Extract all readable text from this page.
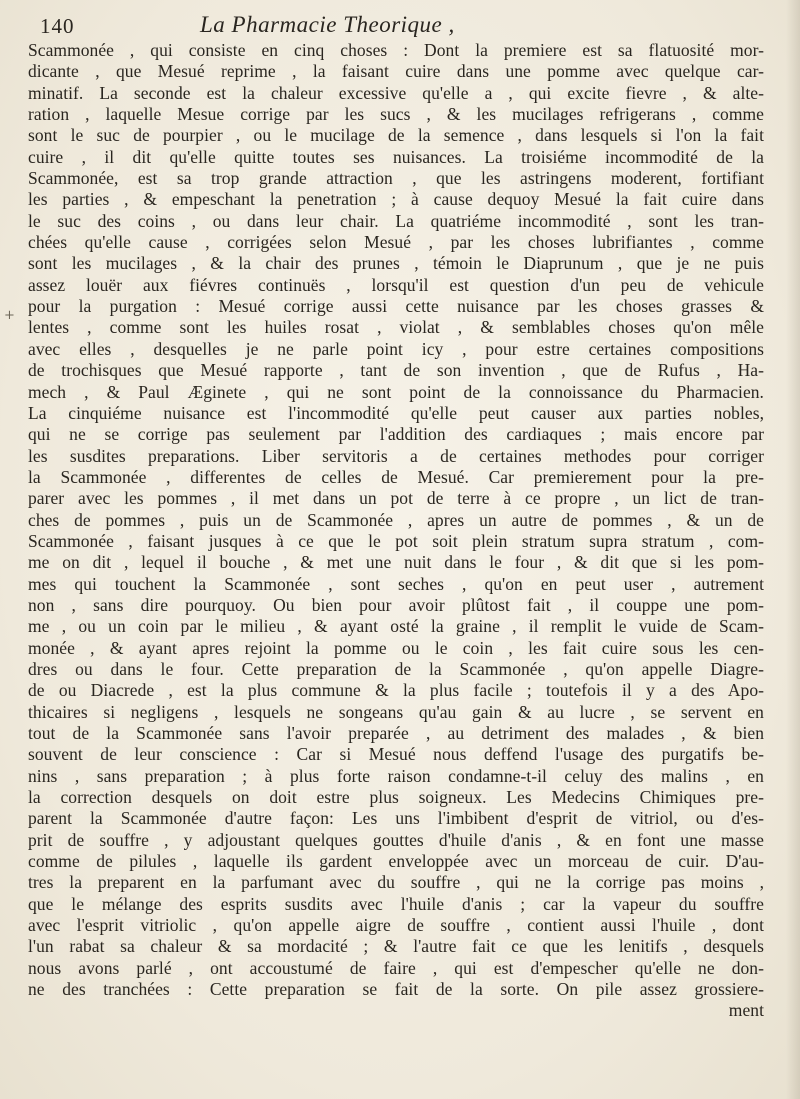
140	La Pharmacie Theorique ,
+
Scammonée , qui consiste en cinq choses : Dont la premiere est sa flatuosité mor-
dicante , que Mesué reprime , la faisant cuire dans une pomme avec quelque car-
minatif. La seconde est la chaleur excessive qu'elle a , qui excite fievre , & alte-
ration , laquelle Mesue corrige par les sucs , & les mucilages refrigerans , comme
sont le suc de pourpier , ou le mucilage de la semence , dans lesquels si l'on la fait
cuire , il dit qu'elle quitte toutes ses nuisances. La troisiéme incommodité de la
Scammonée, est sa trop grande attraction , que les astringens moderent, fortifiant
les parties , & empeschant la penetration ; à cause dequoy Mesué la fait cuire dans
le suc des coins , ou dans leur chair. La quatriéme incommodité , sont les tran-
chées qu'elle cause , corrigées selon Mesué , par les choses lubrifiantes , comme
sont les mucilages , & la chair des prunes , témoin le Diaprunum , que je ne puis
assez louër aux fiévres continuës , lorsqu'il est question d'un peu de vehicule
pour la purgation : Mesué corrige aussi cette nuisance par les choses grasses &
lentes , comme sont les huiles rosat , violat , & semblables choses qu'on mêle
avec elles , desquelles je ne parle point icy , pour estre certaines compositions
de trochisques que Mesué rapporte , tant de son invention , que de Rufus , Ha-
mech , & Paul Æginete , qui ne sont point de la connoissance du Pharmacien.
La cinquiéme nuisance est l'incommodité qu'elle peut causer aux parties nobles,
qui ne se corrige pas seulement par l'addition des cardiaques ; mais encore par
les susdites preparations. Liber servitoris a de certaines methodes pour corriger
la Scammonée , differentes de celles de Mesué. Car premierement pour la pre-
parer avec les pommes , il met dans un pot de terre à ce propre , un lict de tran-
ches de pommes , puis un de Scammonée , apres un autre de pommes , & un de
Scammonée , faisant jusques à ce que le pot soit plein stratum supra stratum , com-
me on dit , lequel il bouche , & met une nuit dans le four , & dit que si les pom-
mes qui touchent la Scammonée , sont seches , qu'on en peut user , autrement
non , sans dire pourquoy. Ou bien pour avoir plûtost fait , il couppe une pom-
me , ou un coin par le milieu , & ayant osté la graine , il remplit le vuide de Scam-
monée , & ayant apres rejoint la pomme ou le coin , les fait cuire sous les cen-
dres ou dans le four. Cette preparation de la Scammonée , qu'on appelle Diagre-
de ou Diacrede , est la plus commune & la plus facile ; toutefois il y a des Apo-
thicaires si negligens , lesquels ne songeans qu'au gain & au lucre , se servent en
tout de la Scammonée sans l'avoir preparée , au detriment des malades , & bien
souvent de leur conscience : Car si Mesué nous deffend l'usage des purgatifs be-
nins , sans preparation ; à plus forte raison condamne-t-il celuy des malins , en
la correction desquels on doit estre plus soigneux. Les Medecins Chimiques pre-
parent la Scammonée d'autre façon: Les uns l'imbibent d'esprit de vitriol, ou d'es-
prit de souffre , y adjoustant quelques gouttes d'huile d'anis , & en font une masse
comme de pilules , laquelle ils gardent enveloppée avec un morceau de cuir. D'au-
tres la preparent en la parfumant avec du souffre , qui ne la corrige pas moins ,
que le mélange des esprits susdits avec l'huile d'anis ; car la vapeur du souffre
avec l'esprit vitriolic , qu'on appelle aigre de souffre , contient aussi l'huile , dont
l'un rabat sa chaleur & sa mordacité ; & l'autre fait ce que les lenitifs , desquels
nous avons parlé , ont accoustumé de faire , qui est d'empescher qu'elle ne don-
ne des tranchées : Cette preparation se fait de la sorte. On pile assez grossiere-
ment
